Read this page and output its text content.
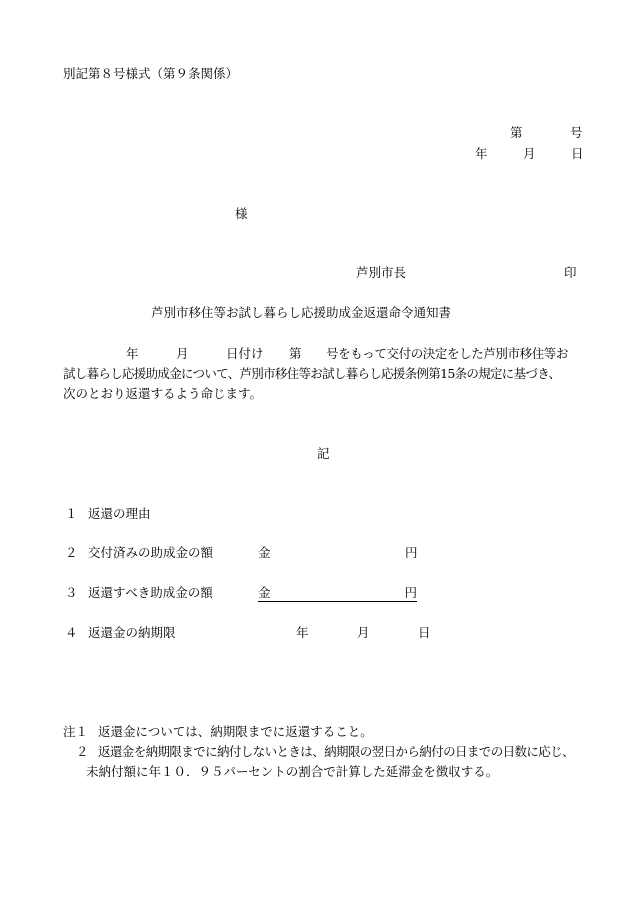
別記第８号様式（第９条関係）
第	号
年	月	日
様
芦別市長	印
芦別市移住等お試し暮らし応援助成金返還命令通知書
年	月	日付け 第 号をもって交付の決定をした芦別市移住等お
試し暮らし応援助成金について、芦別市移住等お試し暮らし応援条例第15条の規定に基づき、
次のとおり返還するよう命じます。
記
１ 返還の理由
２ 交付済みの助成金の額	金	円
３ 返還すべき助成金の額	金	円
４ 返還金の納期限	年	月	日
注１ 返還金については、納期限までに返還すること。
２ 返還金を納期限までに納付しないときは、納期限の翌日から納付の日までの日数に応じ、
未納付額に年１０．９５パーセントの割合で計算した延滞金を徴収する。
